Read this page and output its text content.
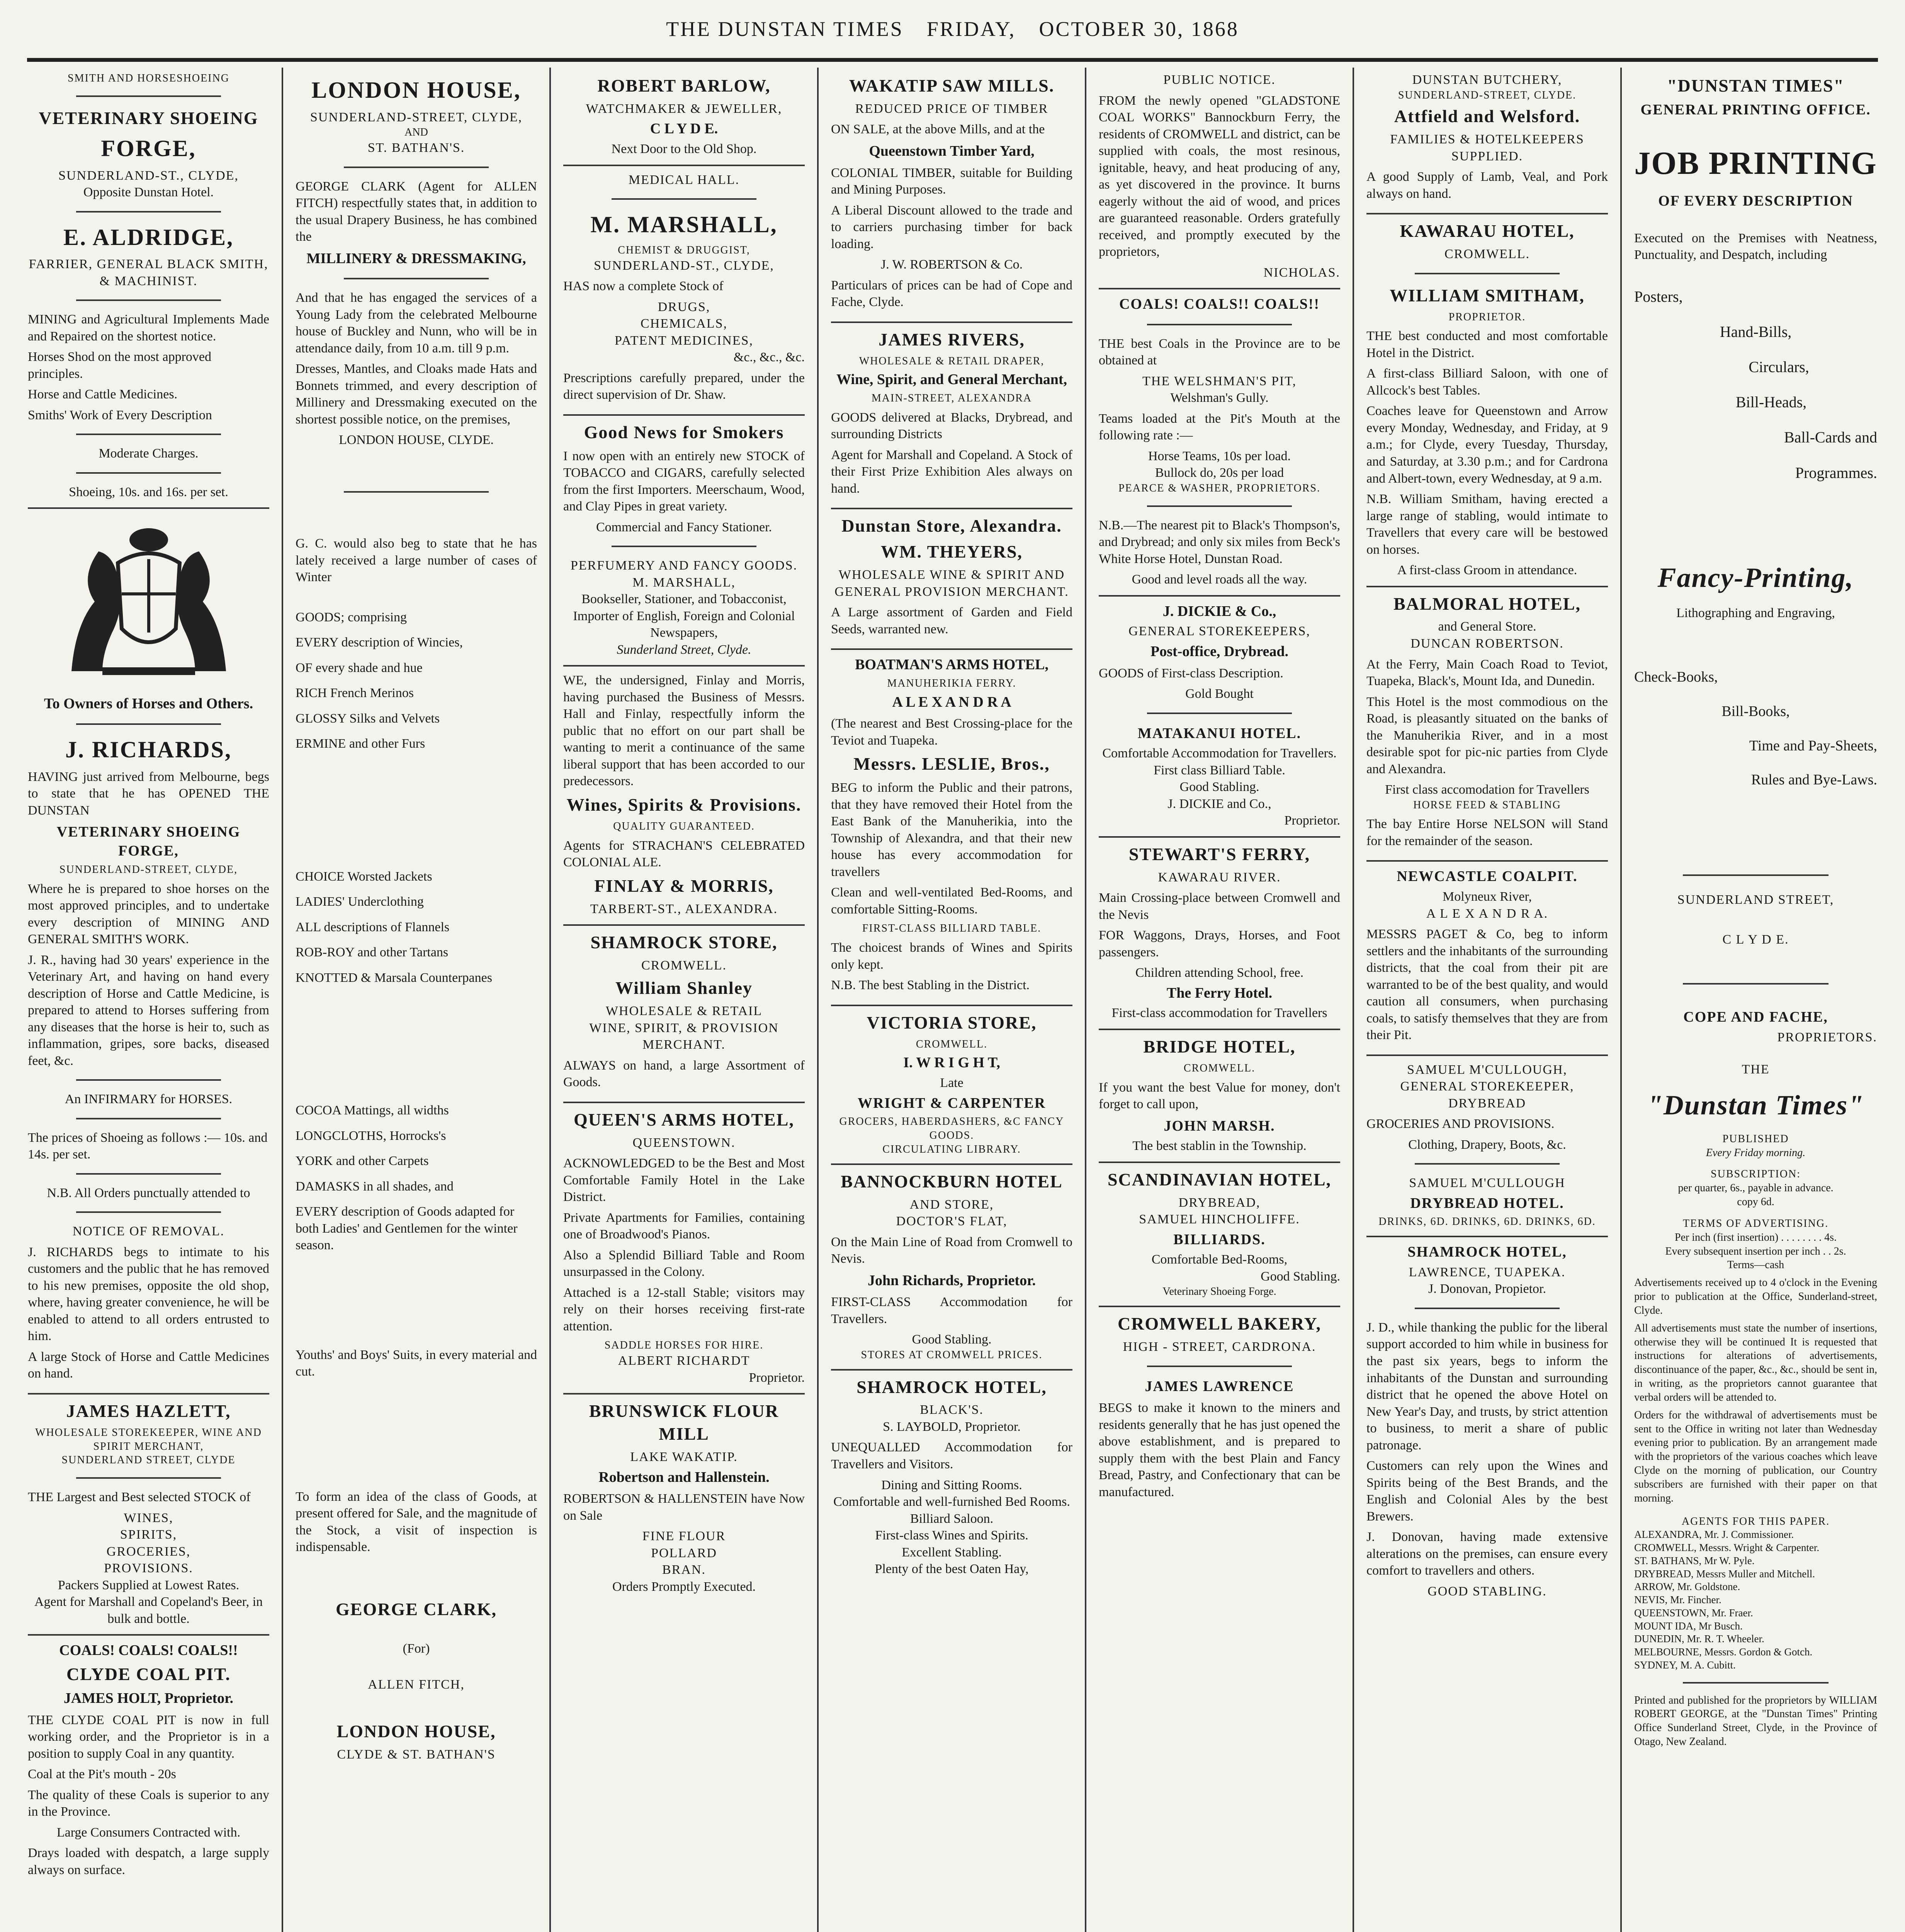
THE DUNSTAN TIMES FRIDAY, OCTOBER 30, 1868
SMITH AND HORSESHOEING
VETERINARY SHOEING
FORGE,
SUNDERLAND-ST., CLYDE,
Opposite Dunstan Hotel.
E. ALDRIDGE,
FARRIER, GENERAL BLACK SMITH, & MACHINIST.
MINING and Agricultural Implements Made and Repaired on the shortest notice.
Horses Shod on the most approved principles.
Horse and Cattle Medicines.
Smiths' Work of Every Description
Moderate Charges.
Shoeing, 10s. and 16s. per set.
To Owners of Horses and Others.
J. RICHARDS,
HAVING just arrived from Melbourne, begs to state that he has OPENED THE DUNSTAN
VETERINARY SHOEING FORGE,
SUNDERLAND-STREET, CLYDE,
Where he is prepared to shoe horses on the most approved principles, and to undertake every description of MINING AND GENERAL SMITH'S WORK.
J. R., having had 30 years' experience in the Veterinary Art, and having on hand every description of Horse and Cattle Medicine, is prepared to attend to Horses suffering from any diseases that the horse is heir to, such as inflammation, gripes, sore backs, diseased feet, &c.
An INFIRMARY for HORSES.
The prices of Shoeing as follows :— 10s. and 14s. per set.
N.B. All Orders punctually attended to
NOTICE OF REMOVAL.
J. RICHARDS begs to intimate to his customers and the public that he has removed to his new premises, opposite the old shop, where, having greater convenience, he will be enabled to attend to all orders entrusted to him.
A large Stock of Horse and Cattle Medicines on hand.
JAMES HAZLETT,
WHOLESALE STOREKEEPER, WINE AND SPIRIT MERCHANT,
SUNDERLAND STREET, CLYDE
THE Largest and Best selected STOCK of
WINES,
SPIRITS,
GROCERIES,
PROVISIONS.
Packers Supplied at Lowest Rates.
Agent for Marshall and Copeland's Beer, in bulk and bottle.
COALS! COALS! COALS!!
CLYDE COAL PIT.
JAMES HOLT, Proprietor.
THE CLYDE COAL PIT is now in full working order, and the Proprietor is in a position to supply Coal in any quantity.
Coal at the Pit's mouth - 20s
The quality of these Coals is superior to any in the Province.
Large Consumers Contracted with.
Drays loaded with despatch, a large supply always on surface.
LONDON HOUSE,
SUNDERLAND-STREET, CLYDE,
AND
ST. BATHAN'S.
GEORGE CLARK (Agent for ALLEN FITCH) respectfully states that, in addition to the usual Drapery Business, he has combined the
MILLINERY & DRESSMAKING,
And that he has engaged the services of a Young Lady from the celebrated Melbourne house of Buckley and Nunn, who will be in attendance daily, from 10 a.m. till 9 p.m.
Dresses, Mantles, and Cloaks made Hats and Bonnets trimmed, and every description of Millinery and Dressmaking executed on the shortest possible notice, on the premises,
LONDON HOUSE, CLYDE.
G. C. would also beg to state that he has lately received a large number of cases of Winter
GOODS; comprising
EVERY description of Wincies,
OF every shade and hue
RICH French Merinos
GLOSSY Silks and Velvets
ERMINE and other Furs
CHOICE Worsted Jackets
LADIES' Underclothing
ALL descriptions of Flannels
ROB-ROY and other Tartans
KNOTTED & Marsala Counterpanes
COCOA Mattings, all widths
LONGCLOTHS, Horrocks's
YORK and other Carpets
DAMASKS in all shades, and
EVERY description of Goods adapted for both Ladies' and Gentlemen for the winter season.
Youths' and Boys' Suits, in every material and cut.
To form an idea of the class of Goods, at present offered for Sale, and the magnitude of the Stock, a visit of inspection is indispensable.
GEORGE CLARK,
(For)
ALLEN FITCH,
LONDON HOUSE,
CLYDE & ST. BATHAN'S
ROBERT BARLOW,
WATCHMAKER & JEWELLER,
C L Y D E.
Next Door to the Old Shop.
MEDICAL HALL.
M. MARSHALL,
CHEMIST & DRUGGIST,
SUNDERLAND-ST., CLYDE,
HAS now a complete Stock of
DRUGS,
CHEMICALS,
PATENT MEDICINES,
&c., &c., &c.
Prescriptions carefully prepared, under the direct supervision of Dr. Shaw.
Good News for Smokers
I now open with an entirely new STOCK of TOBACCO and CIGARS, carefully selected from the first Importers. Meerschaum, Wood, and Clay Pipes in great variety.
Commercial and Fancy Stationer.
PERFUMERY AND FANCY GOODS.
M. MARSHALL,
Bookseller, Stationer, and Tobacconist, Importer of English, Foreign and Colonial Newspapers,
Sunderland Street, Clyde.
WE, the undersigned, Finlay and Morris, having purchased the Business of Messrs. Hall and Finlay, respectfully inform the public that no effort on our part shall be wanting to merit a continuance of the same liberal support that has been accorded to our predecessors.
Wines, Spirits & Provisions.
QUALITY GUARANTEED.
Agents for STRACHAN'S CELEBRATED COLONIAL ALE.
FINLAY & MORRIS,
TARBERT-ST., ALEXANDRA.
SHAMROCK STORE,
CROMWELL.
William Shanley
WHOLESALE & RETAIL
WINE, SPIRIT, & PROVISION
MERCHANT.
ALWAYS on hand, a large Assortment of Goods.
QUEEN'S ARMS HOTEL,
QUEENSTOWN.
ACKNOWLEDGED to be the Best and Most Comfortable Family Hotel in the Lake District.
Private Apartments for Families, containing one of Broadwood's Pianos.
Also a Splendid Billiard Table and Room unsurpassed in the Colony.
Attached is a 12-stall Stable; visitors may rely on their horses receiving first-rate attention.
SADDLE HORSES FOR HIRE.
ALBERT RICHARDT
Proprietor.
BRUNSWICK FLOUR MILL
LAKE WAKATIP.
Robertson and Hallenstein.
ROBERTSON & HALLENSTEIN have Now on Sale
FINE FLOUR
POLLARD
BRAN.
Orders Promptly Executed.
WAKATIP SAW MILLS.
REDUCED PRICE OF TIMBER
ON SALE, at the above Mills, and at the
Queenstown Timber Yard,
COLONIAL TIMBER, suitable for Building and Mining Purposes.
A Liberal Discount allowed to the trade and to carriers purchasing timber for back loading.
J. W. ROBERTSON & Co.
Particulars of prices can be had of Cope and Fache, Clyde.
JAMES RIVERS,
WHOLESALE & RETAIL DRAPER,
Wine, Spirit, and General Merchant,
MAIN-STREET, ALEXANDRA
GOODS delivered at Blacks, Drybread, and surrounding Districts
Agent for Marshall and Copeland. A Stock of their First Prize Exhibition Ales always on hand.
Dunstan Store, Alexandra.
WM. THEYERS,
WHOLESALE WINE & SPIRIT AND GENERAL PROVISION MERCHANT.
A Large assortment of Garden and Field Seeds, warranted new.
BOATMAN'S ARMS HOTEL,
MANUHERIKIA FERRY.
A L E X A N D R A
(The nearest and Best Crossing-place for the Teviot and Tuapeka.
Messrs. LESLIE, Bros.,
BEG to inform the Public and their patrons, that they have removed their Hotel from the East Bank of the Manuherikia, into the Township of Alexandra, and that their new house has every accommodation for travellers
Clean and well-ventilated Bed-Rooms, and comfortable Sitting-Rooms.
FIRST-CLASS BILLIARD TABLE.
The choicest brands of Wines and Spirits only kept.
N.B. The best Stabling in the District.
VICTORIA STORE,
CROMWELL.
I. W R I G H T,
Late
WRIGHT & CARPENTER
GROCERS, HABERDASHERS, &C FANCY GOODS.
CIRCULATING LIBRARY.
BANNOCKBURN HOTEL
AND STORE,
DOCTOR'S FLAT,
On the Main Line of Road from Cromwell to Nevis.
John Richards, Proprietor.
FIRST-CLASS Accommodation for Travellers.
Good Stabling.
STORES AT CROMWELL PRICES.
SHAMROCK HOTEL,
BLACK'S.
S. LAYBOLD, Proprietor.
UNEQUALLED Accommodation for Travellers and Visitors.
Dining and Sitting Rooms.
Comfortable and well-furnished Bed Rooms.
Billiard Saloon.
First-class Wines and Spirits.
Excellent Stabling.
Plenty of the best Oaten Hay,
PUBLIC NOTICE.
FROM the newly opened "GLADSTONE COAL WORKS" Bannockburn Ferry, the residents of CROMWELL and district, can be supplied with coals, the most resinous, ignitable, heavy, and heat producing of any, as yet discovered in the province. It burns eagerly without the aid of wood, and prices are guaranteed reasonable. Orders gratefully received, and promptly executed by the proprietors,
NICHOLAS.
COALS! COALS!! COALS!!
THE best Coals in the Province are to be obtained at
THE WELSHMAN'S PIT,
Welshman's Gully.
Teams loaded at the Pit's Mouth at the following rate :—
Horse Teams, 10s per load.
Bullock do, 20s per load
PEARCE & WASHER, PROPRIETORS.
N.B.—The nearest pit to Black's Thompson's, and Drybread; and only six miles from Beck's White Horse Hotel, Dunstan Road.
Good and level roads all the way.
J. DICKIE & Co.,
GENERAL STOREKEEPERS,
Post-office, Drybread.
GOODS of First-class Description.
Gold Bought
MATAKANUI HOTEL.
Comfortable Accommodation for Travellers.
First class Billiard Table.
Good Stabling.
J. DICKIE and Co.,
Proprietor.
STEWART'S FERRY,
KAWARAU RIVER.
Main Crossing-place between Cromwell and the Nevis
FOR Waggons, Drays, Horses, and Foot passengers.
Children attending School, free.
The Ferry Hotel.
First-class accommodation for Travellers
BRIDGE HOTEL,
CROMWELL.
If you want the best Value for money, don't forget to call upon,
JOHN MARSH.
The best stablin in the Township.
SCANDINAVIAN HOTEL,
DRYBREAD,
SAMUEL HINCHOLIFFE.
BILLIARDS.
Comfortable Bed-Rooms,
Good Stabling.
Veterinary Shoeing Forge.
CROMWELL BAKERY,
HIGH - STREET, CARDRONA.
JAMES LAWRENCE
BEGS to make it known to the miners and residents generally that he has just opened the above establishment, and is prepared to supply them with the best Plain and Fancy Bread, Pastry, and Confectionary that can be manufactured.
DUNSTAN BUTCHERY,
SUNDERLAND-STREET, CLYDE.
Attfield and Welsford.
FAMILIES & HOTELKEEPERS SUPPLIED.
A good Supply of Lamb, Veal, and Pork always on hand.
KAWARAU HOTEL,
CROMWELL.
WILLIAM SMITHAM,
PROPRIETOR.
THE best conducted and most comfortable Hotel in the District.
A first-class Billiard Saloon, with one of Allcock's best Tables.
Coaches leave for Queenstown and Arrow every Monday, Wednesday, and Friday, at 9 a.m.; for Clyde, every Tuesday, Thursday, and Saturday, at 3.30 p.m.; and for Cardrona and Albert-town, every Wednesday, at 9 a.m.
N.B. William Smitham, having erected a large range of stabling, would intimate to Travellers that every care will be bestowed on horses.
A first-class Groom in attendance.
BALMORAL HOTEL,
and General Store.
DUNCAN ROBERTSON.
At the Ferry, Main Coach Road to Teviot, Tuapeka, Black's, Mount Ida, and Dunedin.
This Hotel is the most commodious on the Road, is pleasantly situated on the banks of the Manuherikia River, and in a most desirable spot for pic-nic parties from Clyde and Alexandra.
First class accomodation for Travellers
HORSE FEED & STABLING
The bay Entire Horse NELSON will Stand for the remainder of the season.
NEWCASTLE COALPIT.
Molyneux River,
A L E X A N D R A.
MESSRS PAGET & Co, beg to inform settlers and the inhabitants of the surrounding districts, that the coal from their pit are warranted to be of the best quality, and would caution all consumers, when purchasing coals, to satisfy themselves that they are from their Pit.
SAMUEL M'CULLOUGH,
GENERAL STOREKEEPER,
DRYBREAD
GROCERIES AND PROVISIONS.
Clothing, Drapery, Boots, &c.
SAMUEL M'CULLOUGH
DRYBREAD HOTEL.
DRINKS, 6D. DRINKS, 6D. DRINKS, 6D.
SHAMROCK HOTEL,
LAWRENCE, TUAPEKA.
J. Donovan, Propietor.
J. D., while thanking the public for the liberal support accorded to him while in business for the past six years, begs to inform the inhabitants of the Dunstan and surrounding district that he opened the above Hotel on New Year's Day, and trusts, by strict attention to business, to merit a share of public patronage.
Customers can rely upon the Wines and Spirits being of the Best Brands, and the English and Colonial Ales by the best Brewers.
J. Donovan, having made extensive alterations on the premises, can ensure every comfort to travellers and others.
GOOD STABLING.
"DUNSTAN TIMES"
GENERAL PRINTING OFFICE.
JOB PRINTING
OF EVERY DESCRIPTION
Executed on the Premises with Neatness, Punctuality, and Despatch, including
Posters,
Hand-Bills,
Circulars,
Bill-Heads,
Ball-Cards and
Programmes.
Fancy-Printing,
Lithographing and Engraving,
Check-Books,
Bill-Books,
Time and Pay-Sheets,
Rules and Bye-Laws.
SUNDERLAND STREET,
C L Y D E.
COPE AND FACHE,
PROPRIETORS.
THE
"Dunstan Times"
PUBLISHED
Every Friday morning.
SUBSCRIPTION:
per quarter, 6s., payable in advance.
copy 6d.
TERMS OF ADVERTISING.
Per inch (first insertion) . . . . . . . . 4s.
Every subsequent insertion per inch . . 2s.
Terms—cash
Advertisements received up to 4 o'clock in the Evening prior to publication at the Office, Sunderland-street, Clyde.
All advertisements must state the number of insertions, otherwise they will be continued It is requested that instructions for alterations of advertisements, discontinuance of the paper, &c., &c., should be sent in, in writing, as the proprietors cannot guarantee that verbal orders will be attended to.
Orders for the withdrawal of advertisements must be sent to the Office in writing not later than Wednesday evening prior to publication. By an arrangement made with the proprietors of the various coaches which leave Clyde on the morning of publication, our Country subscribers are furnished with their paper on that morning.
AGENTS FOR THIS PAPER.
ALEXANDRA, Mr. J. Commissioner.
CROMWELL, Messrs. Wright & Carpenter.
ST. BATHANS, Mr W. Pyle.
DRYBREAD, Messrs Muller and Mitchell.
ARROW, Mr. Goldstone.
NEVIS, Mr. Fincher.
QUEENSTOWN, Mr. Fraer.
MOUNT IDA, Mr Busch.
DUNEDIN, Mr. R. T. Wheeler.
MELBOURNE, Messrs. Gordon & Gotch.
SYDNEY, M. A. Cubitt.
Printed and published for the proprietors by WILLIAM ROBERT GEORGE, at the "Dunstan Times" Printing Office Sunderland Street, Clyde, in the Province of Otago, New Zealand.
